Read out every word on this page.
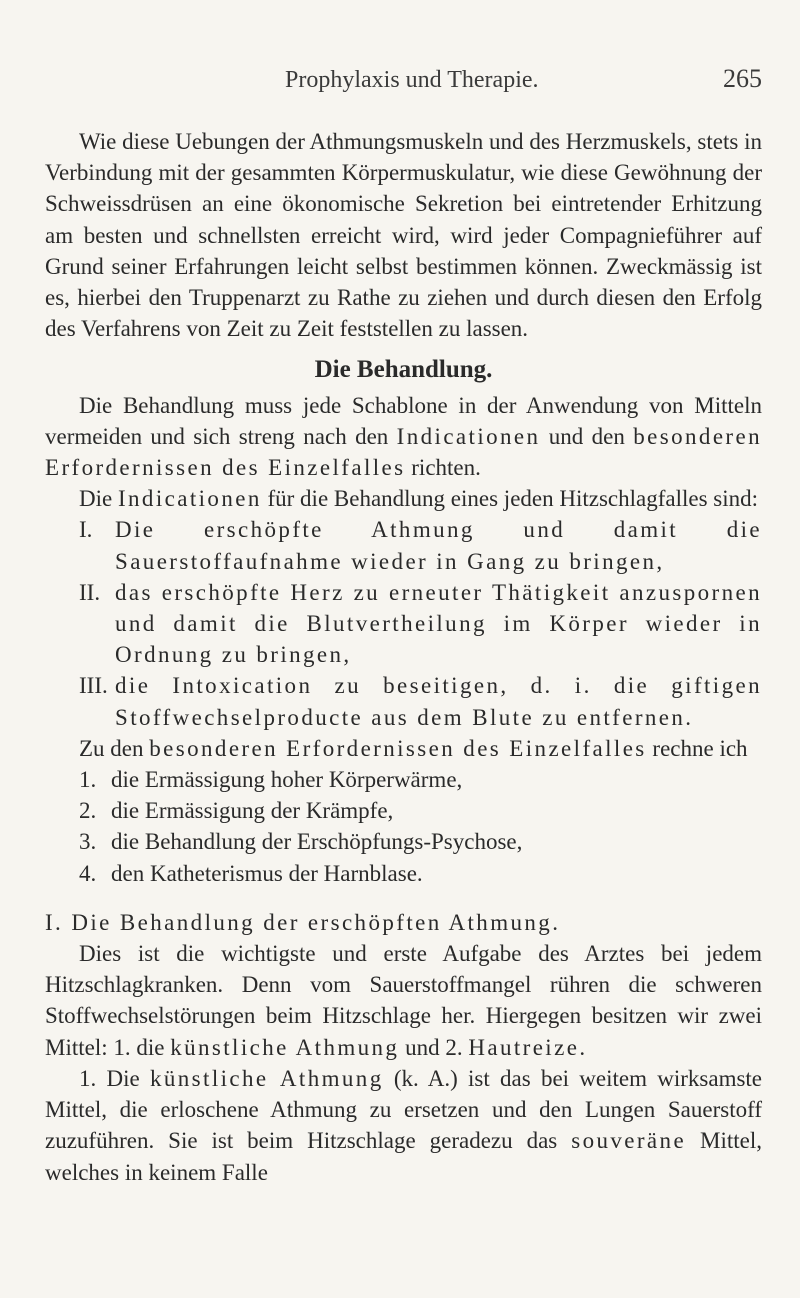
Prophylaxis und Therapie.	265

Wie diese Uebungen der Athmungsmuskeln und des Herzmuskels, stets in Verbindung mit der gesammten Körpermuskulatur, wie diese Gewöhnung der Schweissdrüsen an eine ökonomische Sekretion bei eintretender Erhitzung am besten und schnellsten erreicht wird, wird jeder Compagnieführer auf Grund seiner Erfahrungen leicht selbst bestimmen können. Zweckmässig ist es, hierbei den Truppenarzt zu Rathe zu ziehen und durch diesen den Erfolg des Verfahrens von Zeit zu Zeit feststellen zu lassen.

Die Behandlung.

Die Behandlung muss jede Schablone in der Anwendung von Mitteln vermeiden und sich streng nach den Indicationen und den besonderen Erfordernissen des Einzelfalles richten.

Die Indicationen für die Behandlung eines jeden Hitzschlagfalles sind:

I. Die erschöpfte Athmung und damit die Sauerstoffaufnahme wieder in Gang zu bringen,
II. das erschöpfte Herz zu erneuter Thätigkeit anzuspornen und damit die Blutvertheilung im Körper wieder in Ordnung zu bringen,
III. die Intoxication zu beseitigen, d. i. die giftigen Stoffwechselproducte aus dem Blute zu entfernen.

Zu den besonderen Erfordernissen des Einzelfalles rechne ich

1. die Ermässigung hoher Körperwärme,
2. die Ermässigung der Krämpfe,
3. die Behandlung der Erschöpfungs-Psychose,
4. den Katheterismus der Harnblase.

I. Die Behandlung der erschöpften Athmung.

Dies ist die wichtigste und erste Aufgabe des Arztes bei jedem Hitzschlagkranken. Denn vom Sauerstoffmangel rühren die schweren Stoffwechselstörungen beim Hitzschlage her. Hiergegen besitzen wir zwei Mittel: 1. die künstliche Athmung und 2. Hautreize.

1. Die künstliche Athmung (k. A.) ist das bei weitem wirksamste Mittel, die erloschene Athmung zu ersetzen und den Lungen Sauerstoff zuzuführen. Sie ist beim Hitzschlage geradezu das souveräne Mittel, welches in keinem Falle
